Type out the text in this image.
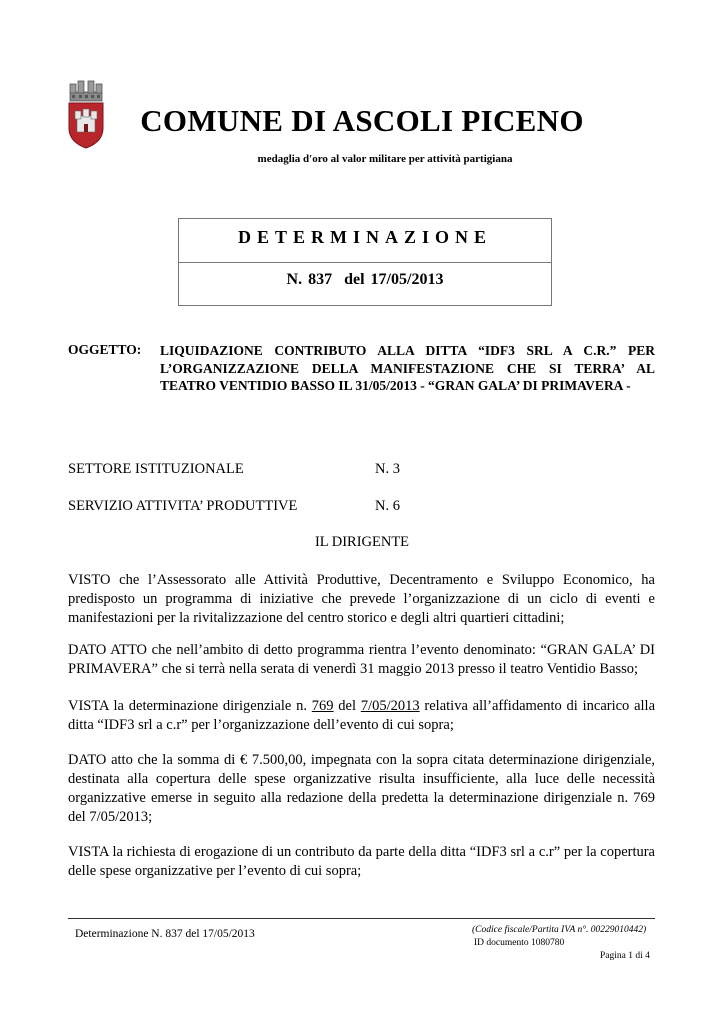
COMUNE DI ASCOLI PICENO
medaglia d'oro al valor militare per attività partigiana
DETERMINAZIONE
N. 837 del 17/05/2013
OGGETTO: LIQUIDAZIONE CONTRIBUTO ALLA DITTA “IDF3 SRL A C.R.” PER L’ORGANIZZAZIONE DELLA MANIFESTAZIONE CHE SI TERRA’ AL TEATRO VENTIDIO BASSO IL 31/05/2013 - “GRAN GALA’ DI PRIMAVERA -
SETTORE ISTITUZIONALE	N. 3
SERVIZIO ATTIVITA’ PRODUTTIVE	N. 6
IL DIRIGENTE
VISTO che l’Assessorato alle Attività Produttive, Decentramento e Sviluppo Economico, ha predisposto un programma di iniziative che prevede l’organizzazione di un ciclo di eventi e manifestazioni per la rivitalizzazione del centro storico e degli altri quartieri cittadini;
DATO ATTO che nell’ambito di detto programma rientra l’evento denominato: “GRAN GALA’ DI PRIMAVERA” che si terrà nella serata di venerdì 31 maggio 2013 presso il teatro Ventidio Basso;
VISTA la determinazione dirigenziale n. 769 del 7/05/2013 relativa all’affidamento di incarico alla ditta “IDF3 srl a c.r” per l’organizzazione dell’evento di cui sopra;
DATO atto che la somma di € 7.500,00, impegnata con la sopra citata determinazione dirigenziale, destinata alla copertura delle spese organizzative risulta insufficiente, alla luce delle necessità organizzative emerse in seguito alla redazione della predetta la determinazione dirigenziale n. 769 del 7/05/2013;
VISTA la richiesta di erogazione di un contributo da parte della ditta “IDF3 srl a c.r” per la copertura delle spese organizzative per l’evento di cui sopra;
Determinazione N. 837 del 17/05/2013	(Codice fiscale/Partita IVA n°. 00229010442)
ID documento 1080780
Pagina 1 di 4
